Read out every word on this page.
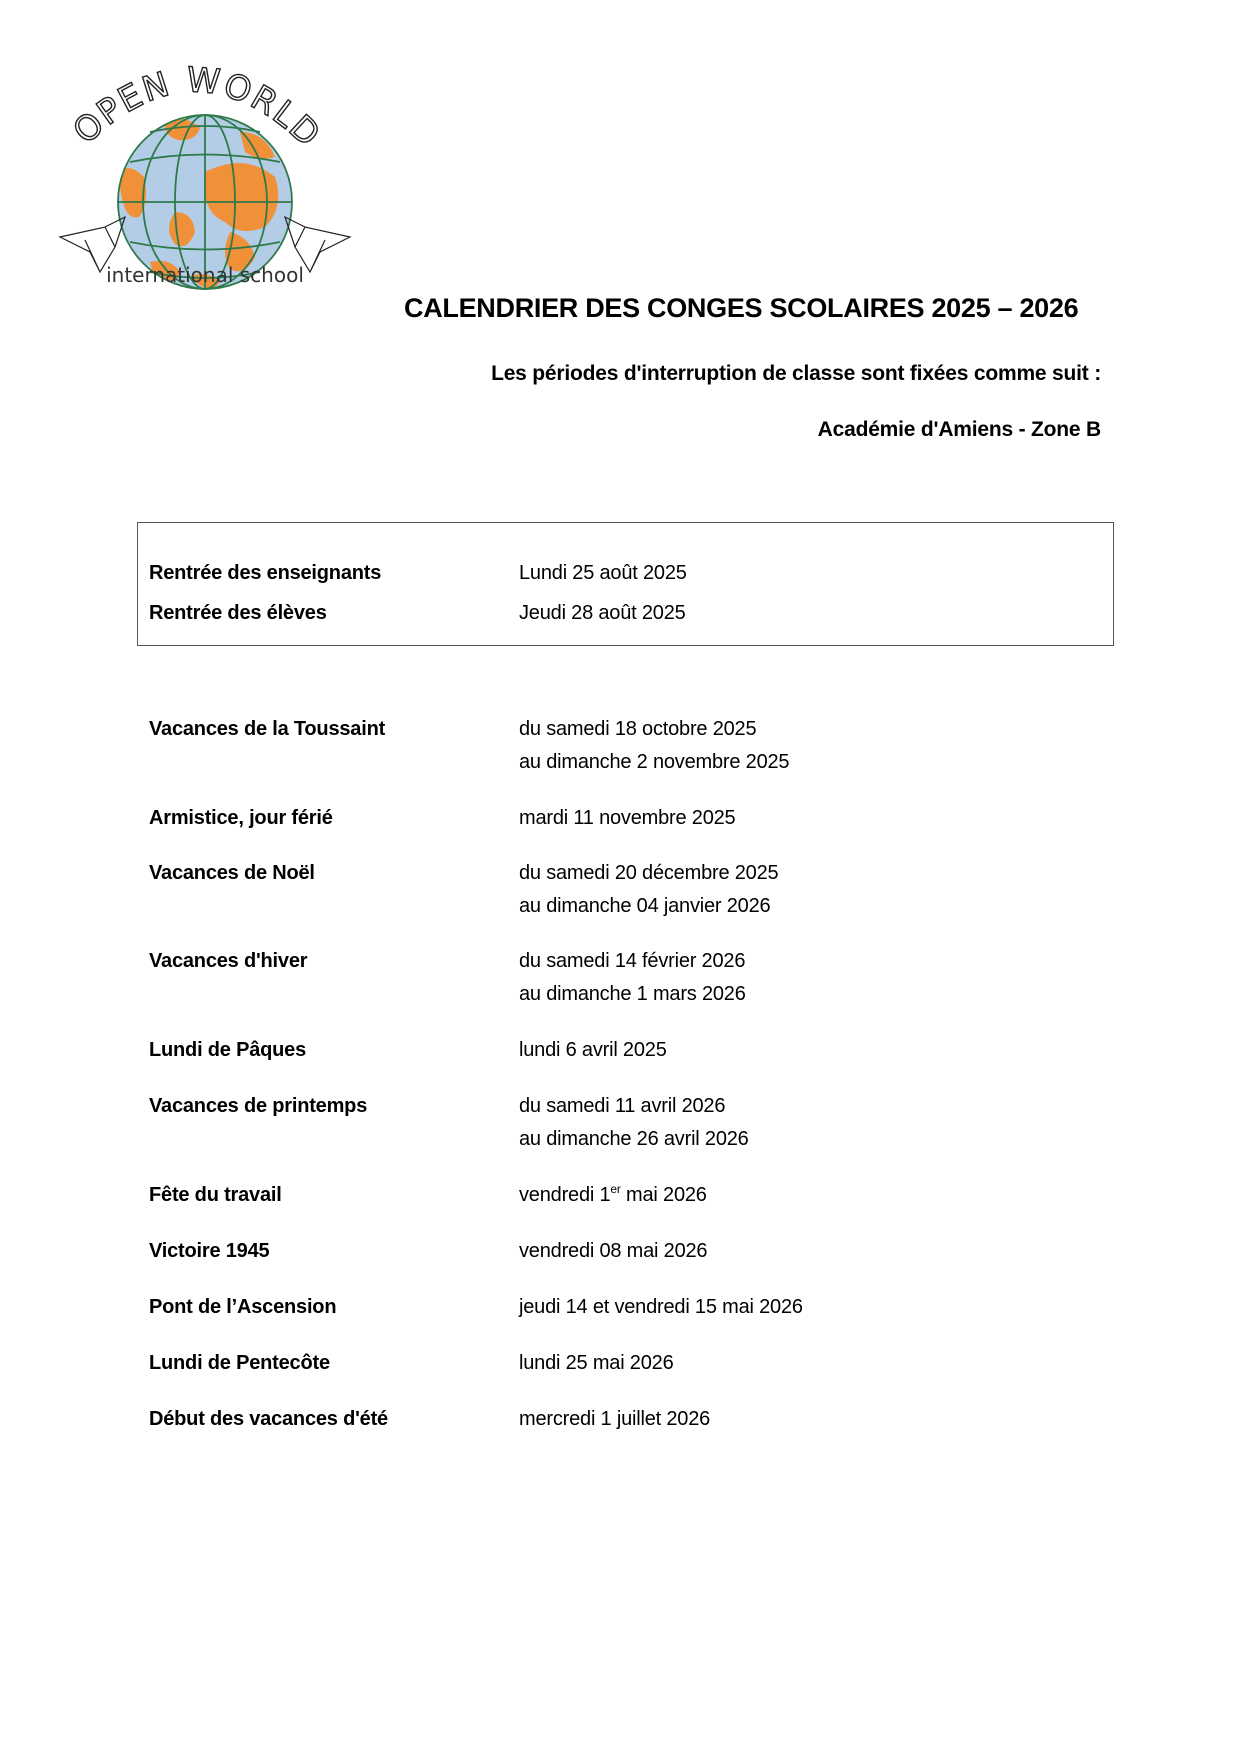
OPEN WORLD
international school
CALENDRIER DES CONGES SCOLAIRES 2025 – 2026
Les périodes d'interruption de classe sont fixées comme suit :
Académie d'Amiens - Zone B
Rentrée des enseignants	Lundi 25 août 2025
Rentrée des élèves	Jeudi 28 août 2025
Vacances de la Toussaint	du samedi 18 octobre 2025
au dimanche 2 novembre 2025
Armistice, jour férié	mardi 11 novembre 2025
Vacances de Noël	du samedi 20 décembre 2025
au dimanche 04 janvier 2026
Vacances d'hiver	du samedi 14 février 2026
au dimanche 1 mars 2026
Lundi de Pâques	lundi 6 avril 2025
Vacances de printemps	du samedi 11 avril 2026
au dimanche 26 avril 2026
Fête du travail	vendredi 1er mai 2026
Victoire 1945	vendredi 08 mai 2026
Pont de l’Ascension	jeudi 14 et vendredi 15 mai 2026
Lundi de Pentecôte	lundi 25 mai 2026
Début des vacances d'été	mercredi 1 juillet 2026
